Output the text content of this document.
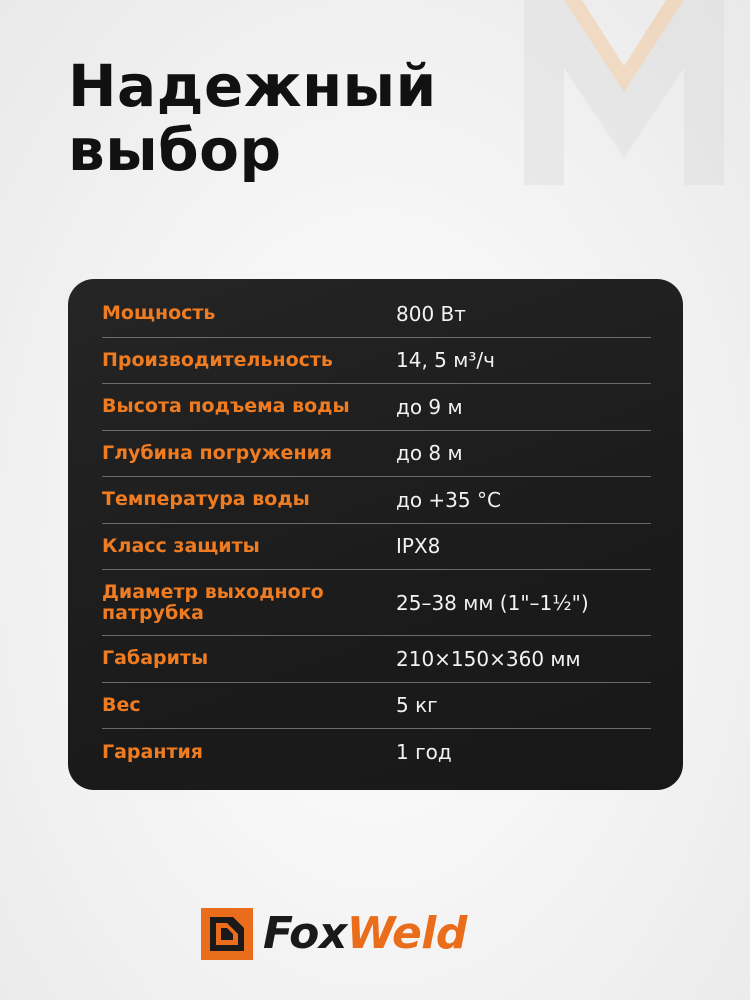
Надежный
выбор
Мощность	800 Вт
Производительность	14, 5 м³/ч
Высота подъема воды	до 9 м
Глубина погружения	до 8 м
Температура воды	до +35 °C
Класс защиты	IPX8
Диаметр выходного
патрубка	25–38 мм (1"–1½")
Габариты	210×150×360 мм
Вес	5 кг
Гарантия	1 год
FoxWeld
